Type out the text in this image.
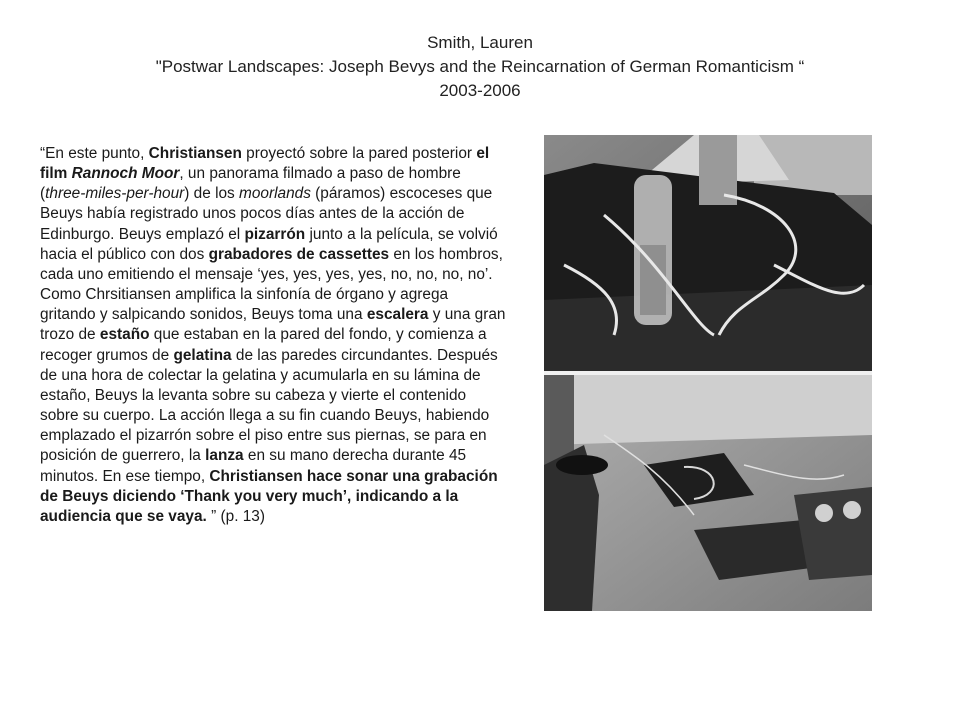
Smith, Lauren
"Postwar Landscapes: Joseph Bevys and the Reincarnation of German Romanticism “
2003-2006
“En este punto, Christiansen proyectó sobre la pared posterior el film Rannoch Moor, un panorama filmado a paso de hombre (three-miles-per-hour) de los moorlands (páramos) escoceses que Beuys había registrado unos pocos días antes de la acción de Edinburgo. Beuys emplazó el pizarrón junto a la película, se volvió hacia el público con dos grabadores de cassettes en los hombros, cada uno emitiendo el mensaje ‘yes, yes, yes, yes, no, no, no, no’. Como Chrsitiansen amplifica la sinfonía de órgano y agrega gritando y salpicando sonidos, Beuys toma una escalera y una gran trozo de estaño que estaban en la pared del fondo, y comienza a recoger grumos de gelatina de las paredes circundantes. Después de una hora de colectar la gelatina y acumularla en su lámina de estaño, Beuys la levanta sobre su cabeza y vierte el contenido sobre su cuerpo. La acción llega a su fin cuando Beuys, habiendo emplazado el pizarrón sobre el piso entre sus piernas, se para en posición de guerrero, la lanza en su mano derecha durante 45 minutos. En ese tiempo, Christiansen hace sonar una grabación de Beuys diciendo ‘Thank you very much’, indicando a la audiencia que se vaya. ” (p. 13)
